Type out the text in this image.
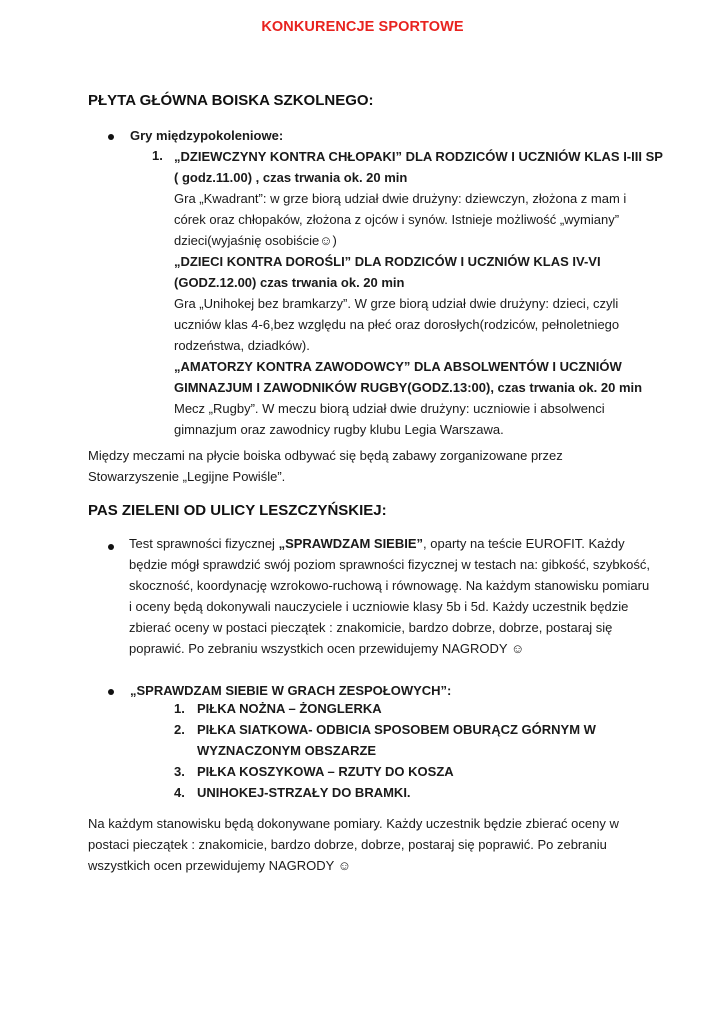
KONKURENCJE SPORTOWE
PŁYTA GŁÓWNA BOISKA SZKOLNEGO:
Gry międzypokoleniowe:
1. „DZIEWCZYNY KONTRA CHŁOPAKI” DLA RODZICÓW I UCZNIÓW KLAS I-III SP
( godz.11.00) , czas trwania ok. 20 min
Gra „Kwadrant”: w grze biorą udział dwie drużyny: dziewczyn, złożona z mam i córek oraz chłopaków, złożona z ojców i synów. Istnieje możliwość „wymiany” dzieci(wyjaśnię osobiście☺)
„DZIECI KONTRA DOROŚLI” DLA RODZICÓW I UCZNIÓW KLAS IV-VI (GODZ.12.00) czas trwania ok. 20 min
Gra „Unihokej bez bramkarzy”. W grze biorą udział dwie drużyny: dzieci, czyli uczniów klas 4-6,bez względu na płeć oraz dorosłych(rodziców, pełnoletniego rodzeństwa, dziadków).
„AMATORZY KONTRA ZAWODOWCY” DLA ABSOLWENTÓW I UCZNIÓW GIMNAZJUM I ZAWODNIKÓW RUGBY(GODZ.13:00), czas trwania ok. 20 min
Mecz „Rugby”. W meczu biorą udział dwie drużyny: uczniowie i absolwenci gimnazjum oraz zawodnicy rugby klubu Legia Warszawa.
Między meczami na płycie boiska odbywać się będą zabawy zorganizowane przez Stowarzyszenie „Legijne Powiśle”.
PAS ZIELENI OD ULICY LESZCZYŃSKIEJ:
Test sprawności fizycznej „SPRAWDZAM SIEBIE”, oparty na teście EUROFIT. Każdy będzie mógł sprawdzić swój poziom sprawności fizycznej w testach na: gibkość, szybkość, skoczność, koordynację wzrokowo-ruchową i równowagę. Na każdym stanowisku pomiaru i oceny będą dokonywali nauczyciele i uczniowie klasy 5b i 5d. Każdy uczestnik będzie zbierać oceny w postaci pieczątek : znakomicie, bardzo dobrze, dobrze, postaraj się poprawić. Po zebraniu wszystkich ocen przewidujemy NAGRODY ☺
„SPRAWDZAM SIEBIE W GRACH ZESPOŁOWYCH”:
1. PIŁKA NOŻNA – ŻONGLERKA
2. PIŁKA SIATKOWA- ODBICIA SPOSOBEM OBURĄCZ GÓRNYM W
WYZNACZONYM OBSZARZE
3. PIŁKA KOSZYKOWA – RZUTY DO KOSZA
4. UNIHOKEJ-STRZAŁY DO BRAMKI.
Na każdym stanowisku będą dokonywane pomiary. Każdy uczestnik będzie zbierać oceny w postaci pieczątek : znakomicie, bardzo dobrze, dobrze, postaraj się poprawić. Po zebraniu wszystkich ocen przewidujemy NAGRODY ☺
